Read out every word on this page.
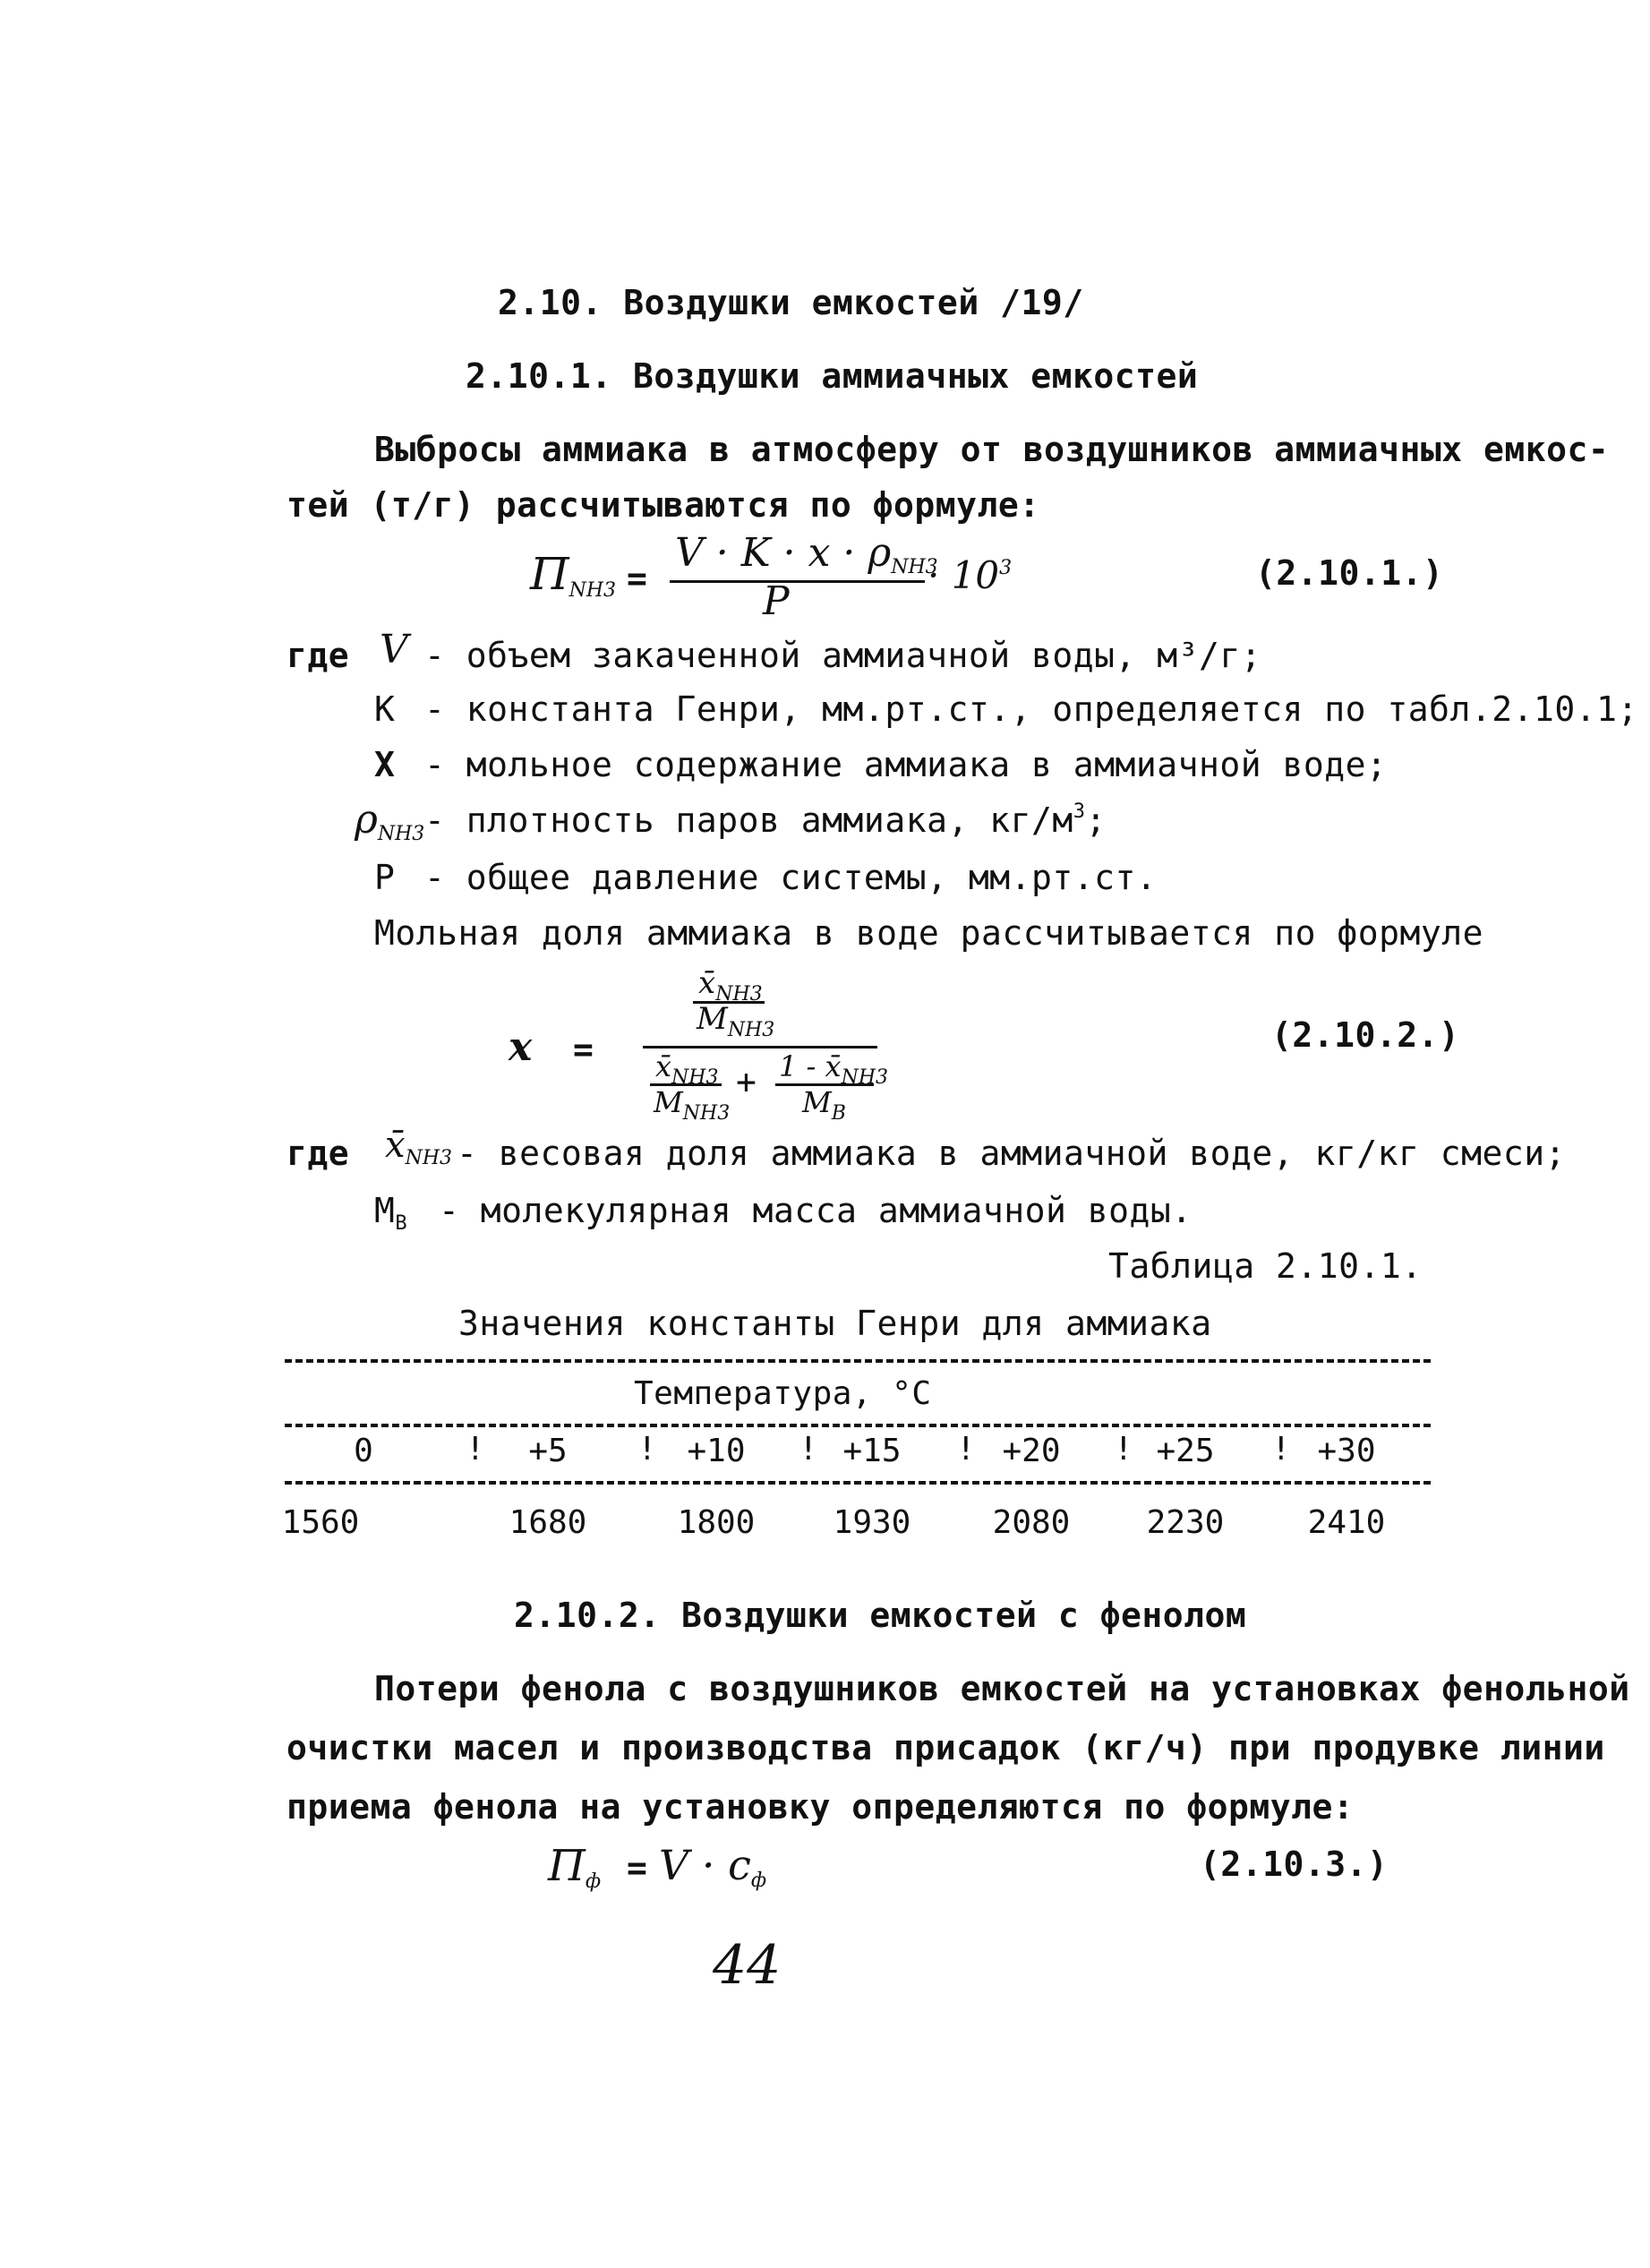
2.10. Воздушки емкостей /19/
2.10.1. Воздушки аммиачных емкостей
Выбросы аммиака в атмосферу от воздушников аммиачных емкос-
тей (т/г) рассчитываются по формуле:
$П_{NH3}$ =
$V \cdot K \cdot x \cdot \rho_{NH3}$
P
· $10^3$	(2.10.1.)
где V - объем закаченной аммиачной воды, м³/г;
К - константа Генри, мм.рт.ст., определяется по табл.2.10.1;
Х - мольное содержание аммиака в аммиачной воде;
$\rho_{NH3}$ - плотность паров аммиака, $кг/м^3$;
Р - общее давление системы, мм.рт.ст.
Мольная доля аммиака в воде рассчитывается по формуле
x =
$x̄_{NH3}$
$M_{NH3}$
$x̄_{NH3}$
$M_{NH3}$
+ $1 - x̄_{NH3}$
$M_В$
(2.10.2.)
где $x̄_{NH3}$ - весовая доля аммиака в аммиачной воде, кг/кг смеси;
$М_В$ - молекулярная масса аммиачной воды.
Таблица 2.10.1.
Значения константы Генри для аммиака
Температура, °С
0	!	+5	! +10	! +15	! +20	! +25	! +30
1560	1680	1800	1930	2080	2230	2410
2.10.2. Воздушки емкостей с фенолом
Потери фенола с воздушников емкостей на установках фенольной
очистки масел и производства присадок (кг/ч) при продувке линии
приема фенола на установку определяются по формуле:
$П_ф = V \cdot c_ф$	(2.10.3.)
44
